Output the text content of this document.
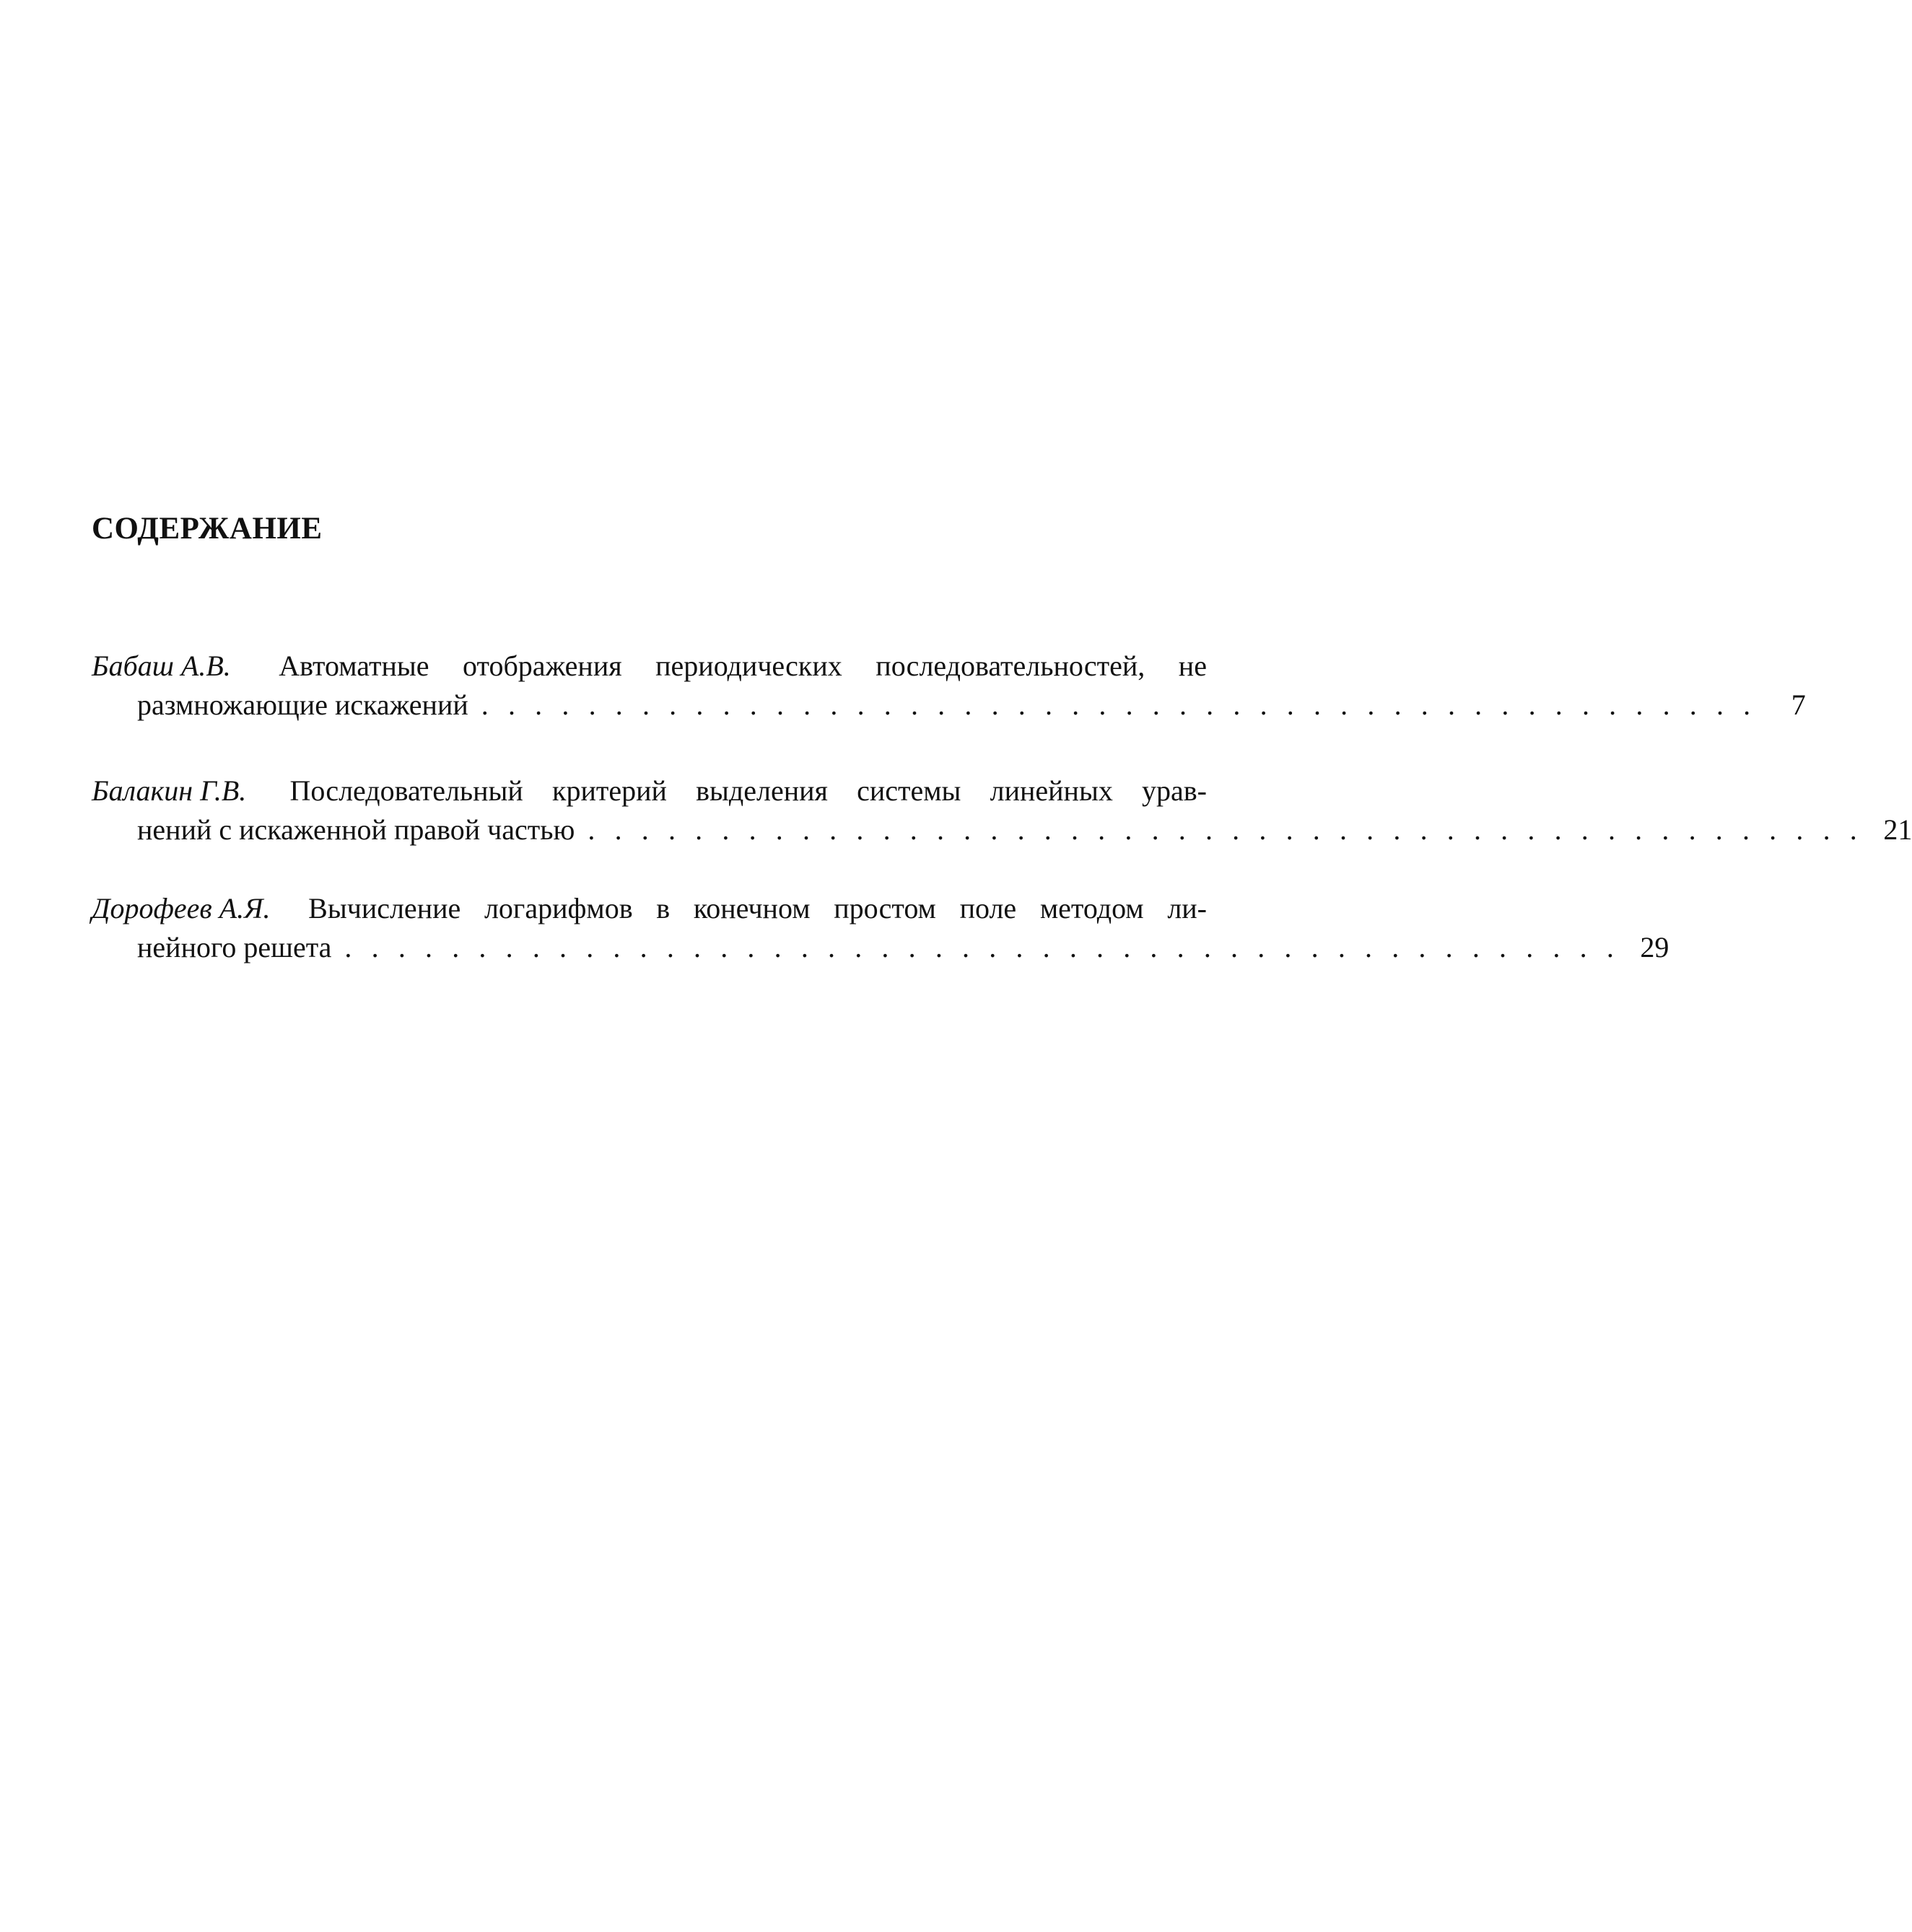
СОДЕРЖАНИЕ
Бабаш А.В. Автоматные отображения периодических последовательностей, не
размножающие искажений . . . . . . . . . . . . . . . . . . . . . . . . . . . . . . . . . . . . . . . . . . . . . . . .	7
Балакин Г.В. Последовательный критерий выделения системы линейных урав-
нений с искаженной правой частью . . . . . . . . . . . . . . . . . . . . . . . . . . . . . . . . . . . . . . . . . . . . . . . . 21
Дорофеев А.Я. Вычисление логарифмов в конечном простом поле методом ли-
нейного решета . . . . . . . . . . . . . . . . . . . . . . . . . . . . . . . . . . . . . . . . . . . . . . . . 29
